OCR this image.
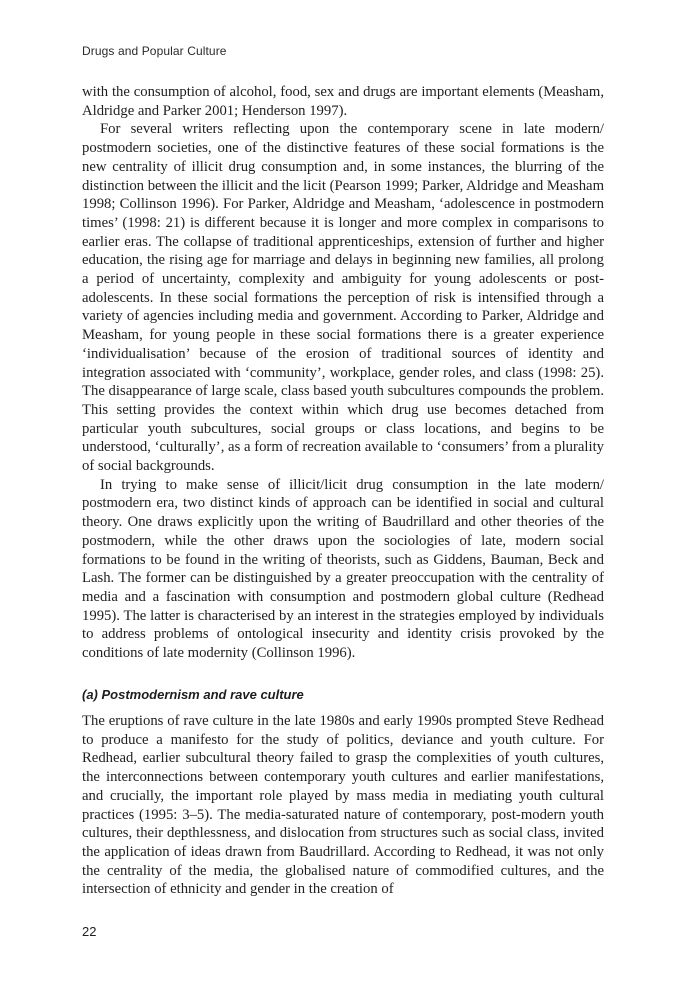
Drugs and Popular Culture

with the consumption of alcohol, food, sex and drugs are important elements (Measham, Aldridge and Parker 2001; Henderson 1997).

For several writers reflecting upon the contemporary scene in late modern/ postmodern societies, one of the distinctive features of these social formations is the new centrality of illicit drug consumption and, in some instances, the blurring of the distinction between the illicit and the licit (Pearson 1999; Parker, Aldridge and Measham 1998; Collinson 1996). For Parker, Aldridge and Measham, ‘adolescence in postmodern times’ (1998: 21) is different because it is longer and more complex in comparisons to earlier eras. The collapse of traditional apprenticeships, extension of further and higher education, the rising age for marriage and delays in beginning new families, all prolong a period of uncertainty, complexity and ambiguity for young adolescents or post-adolescents. In these social formations the perception of risk is intensified through a variety of agencies including media and government. According to Parker, Aldridge and Measham, for young people in these social formations there is a greater experience ‘individualisation’ because of the erosion of traditional sources of identity and integration associated with ‘community’, workplace, gender roles, and class (1998: 25). The disappearance of large scale, class based youth subcultures compounds the problem. This setting provides the context within which drug use becomes detached from particular youth subcultures, social groups or class locations, and begins to be understood, ‘culturally’, as a form of recreation available to ‘consumers’ from a plurality of social backgrounds.

In trying to make sense of illicit/licit drug consumption in the late modern/ postmodern era, two distinct kinds of approach can be identified in social and cultural theory. One draws explicitly upon the writing of Baudrillard and other theories of the postmodern, while the other draws upon the sociologies of late, modern social formations to be found in the writing of theorists, such as Giddens, Bauman, Beck and Lash. The former can be distinguished by a greater preoccupation with the centrality of media and a fascination with consumption and postmodern global culture (Redhead 1995). The latter is characterised by an interest in the strategies employed by individuals to address problems of ontological insecurity and identity crisis provoked by the conditions of late modernity (Collinson 1996).

(a) Postmodernism and rave culture

The eruptions of rave culture in the late 1980s and early 1990s prompted Steve Redhead to produce a manifesto for the study of politics, deviance and youth culture. For Redhead, earlier subcultural theory failed to grasp the complexities of youth cultures, the interconnections between contemporary youth cultures and earlier manifestations, and crucially, the important role played by mass media in mediating youth cultural practices (1995: 3–5). The media-saturated nature of contemporary, post-modern youth cultures, their depthlessness, and dislocation from structures such as social class, invited the application of ideas drawn from Baudrillard. According to Redhead, it was not only the centrality of the media, the globalised nature of commodified cultures, and the intersection of ethnicity and gender in the creation of

22
